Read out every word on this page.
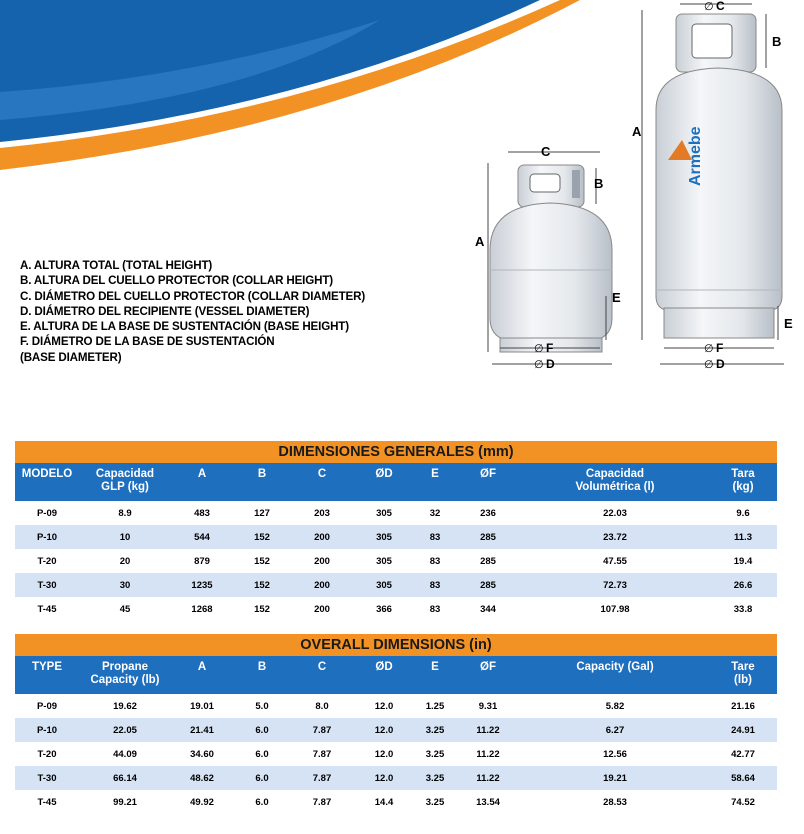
C
A
B
E
∅ F
∅ D
Armebe
∅ C
A
B
E
∅ F
∅ D
A. ALTURA TOTAL (TOTAL HEIGHT)
B. ALTURA DEL CUELLO PROTECTOR (COLLAR HEIGHT)
C. DIÁMETRO DEL CUELLO PROTECTOR (COLLAR DIAMETER)
D. DIÁMETRO DEL RECIPIENTE (VESSEL DIAMETER)
E. ALTURA DE LA BASE DE SUSTENTACIÓN (BASE HEIGHT)
F. DIÁMETRO DE LA BASE DE SUSTENTACIÓN
(BASE DIAMETER)
DIMENSIONES GENERALES (mm)
MODELO	Capacidad
GLP (kg)
A	B	C	ØD	E	ØF	Capacidad
Volumétrica (l)
Tara
(kg)
P-09	8.9	483	127	203	305	32	236	22.03	9.6
P-10	10	544	152	200	305	83	285	23.72	11.3
T-20	20	879	152	200	305	83	285	47.55	19.4
T-30	30	1235	152	200	305	83	285	72.73	26.6
T-45	45	1268	152	200	366	83	344	107.98	33.8
OVERALL DIMENSIONS (in)
TYPE	Propane
Capacity (lb)
A	B	C	ØD	E	ØF	Capacity (Gal)	Tare
(lb)
P-09	19.62	19.01	5.0	8.0	12.0	1.25	9.31	5.82	21.16
P-10	22.05	21.41	6.0	7.87	12.0	3.25	11.22	6.27	24.91
T-20	44.09	34.60	6.0	7.87	12.0	3.25	11.22	12.56	42.77
T-30	66.14	48.62	6.0	7.87	12.0	3.25	11.22	19.21	58.64
T-45	99.21	49.92	6.0	7.87	14.4	3.25	13.54	28.53	74.52
